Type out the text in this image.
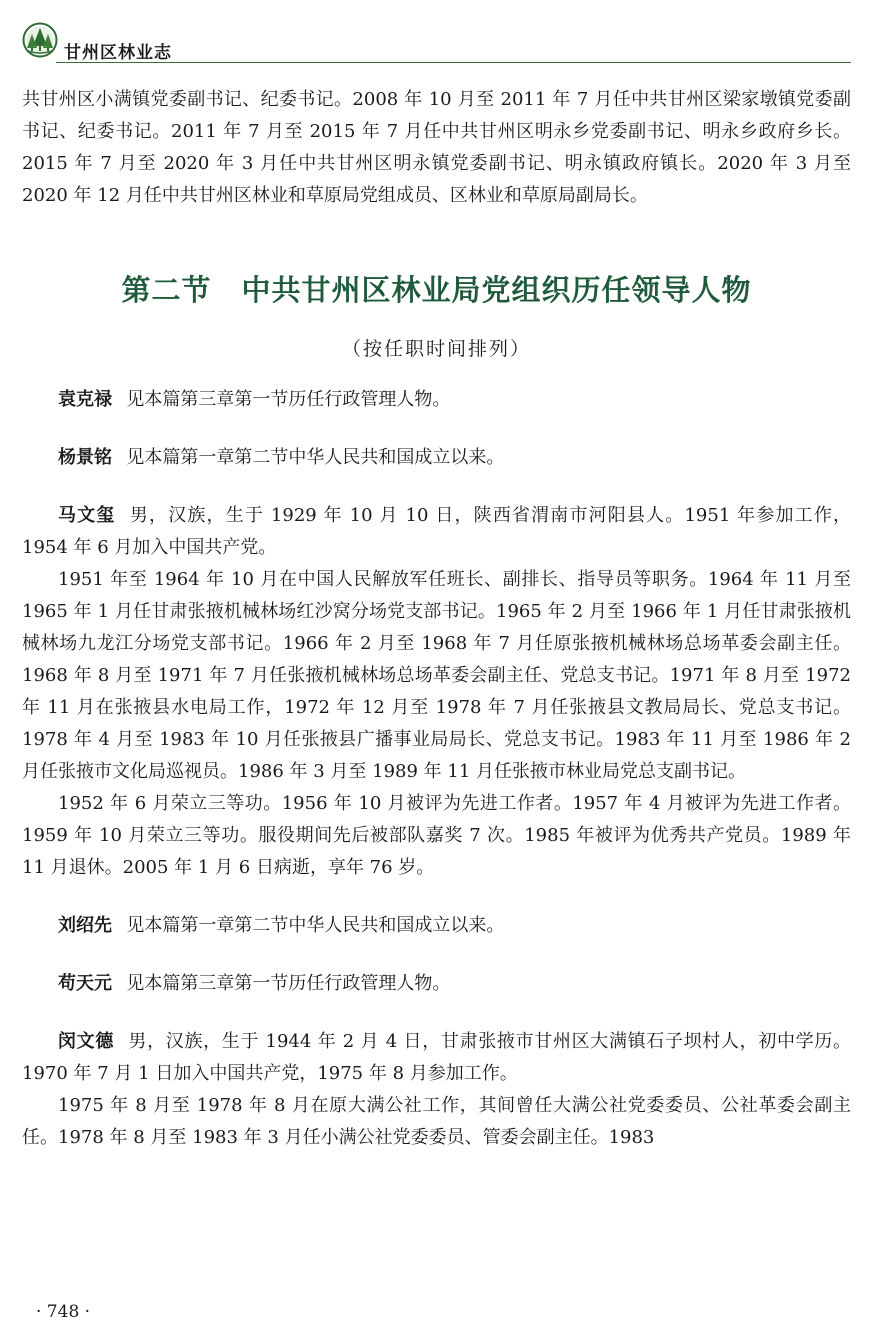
甘州区林业志

共甘州区小满镇党委副书记、纪委书记。2008 年 10 月至 2011 年 7 月任中共甘州区梁家墩镇党委副书记、纪委书记。2011 年 7 月至 2015 年 7 月任中共甘州区明永乡党委副书记、明永乡政府乡长。2015 年 7 月至 2020 年 3 月任中共甘州区明永镇党委副书记、明永镇政府镇长。2020 年 3 月至 2020 年 12 月任中共甘州区林业和草原局党组成员、区林业和草原局副局长。

第二节　中共甘州区林业局党组织历任领导人物
（按任职时间排列）

袁克禄 见本篇第三章第一节历任行政管理人物。

杨景铭 见本篇第一章第二节中华人民共和国成立以来。

马文玺 男，汉族，生于 1929 年 10 月 10 日，陕西省渭南市河阳县人。1951 年参加工作，1954 年 6 月加入中国共产党。

1951 年至 1964 年 10 月在中国人民解放军任班长、副排长、指导员等职务。1964 年 11 月至 1965 年 1 月任甘肃张掖机械林场红沙窝分场党支部书记。1965 年 2 月至 1966 年 1 月任甘肃张掖机械林场九龙江分场党支部书记。1966 年 2 月至 1968 年 7 月任原张掖机械林场总场革委会副主任。1968 年 8 月至 1971 年 7 月任张掖机械林场总场革委会副主任、党总支书记。1971 年 8 月至 1972 年 11 月在张掖县水电局工作，1972 年 12 月至 1978 年 7 月任张掖县文教局局长、党总支书记。1978 年 4 月至 1983 年 10 月任张掖县广播事业局局长、党总支书记。1983 年 11 月至 1986 年 2 月任张掖市文化局巡视员。1986 年 3 月至 1989 年 11 月任张掖市林业局党总支副书记。

1952 年 6 月荣立三等功。1956 年 10 月被评为先进工作者。1957 年 4 月被评为先进工作者。1959 年 10 月荣立三等功。服役期间先后被部队嘉奖 7 次。1985 年被评为优秀共产党员。1989 年 11 月退休。2005 年 1 月 6 日病逝，享年 76 岁。

刘绍先 见本篇第一章第二节中华人民共和国成立以来。

苟天元 见本篇第三章第一节历任行政管理人物。

闵文德 男，汉族，生于 1944 年 2 月 4 日，甘肃张掖市甘州区大满镇石子坝村人，初中学历。1970 年 7 月 1 日加入中国共产党，1975 年 8 月参加工作。

1975 年 8 月至 1978 年 8 月在原大满公社工作，其间曾任大满公社党委委员、公社革委会副主任。1978 年 8 月至 1983 年 3 月任小满公社党委委员、管委会副主任。1983

· 748 ·
